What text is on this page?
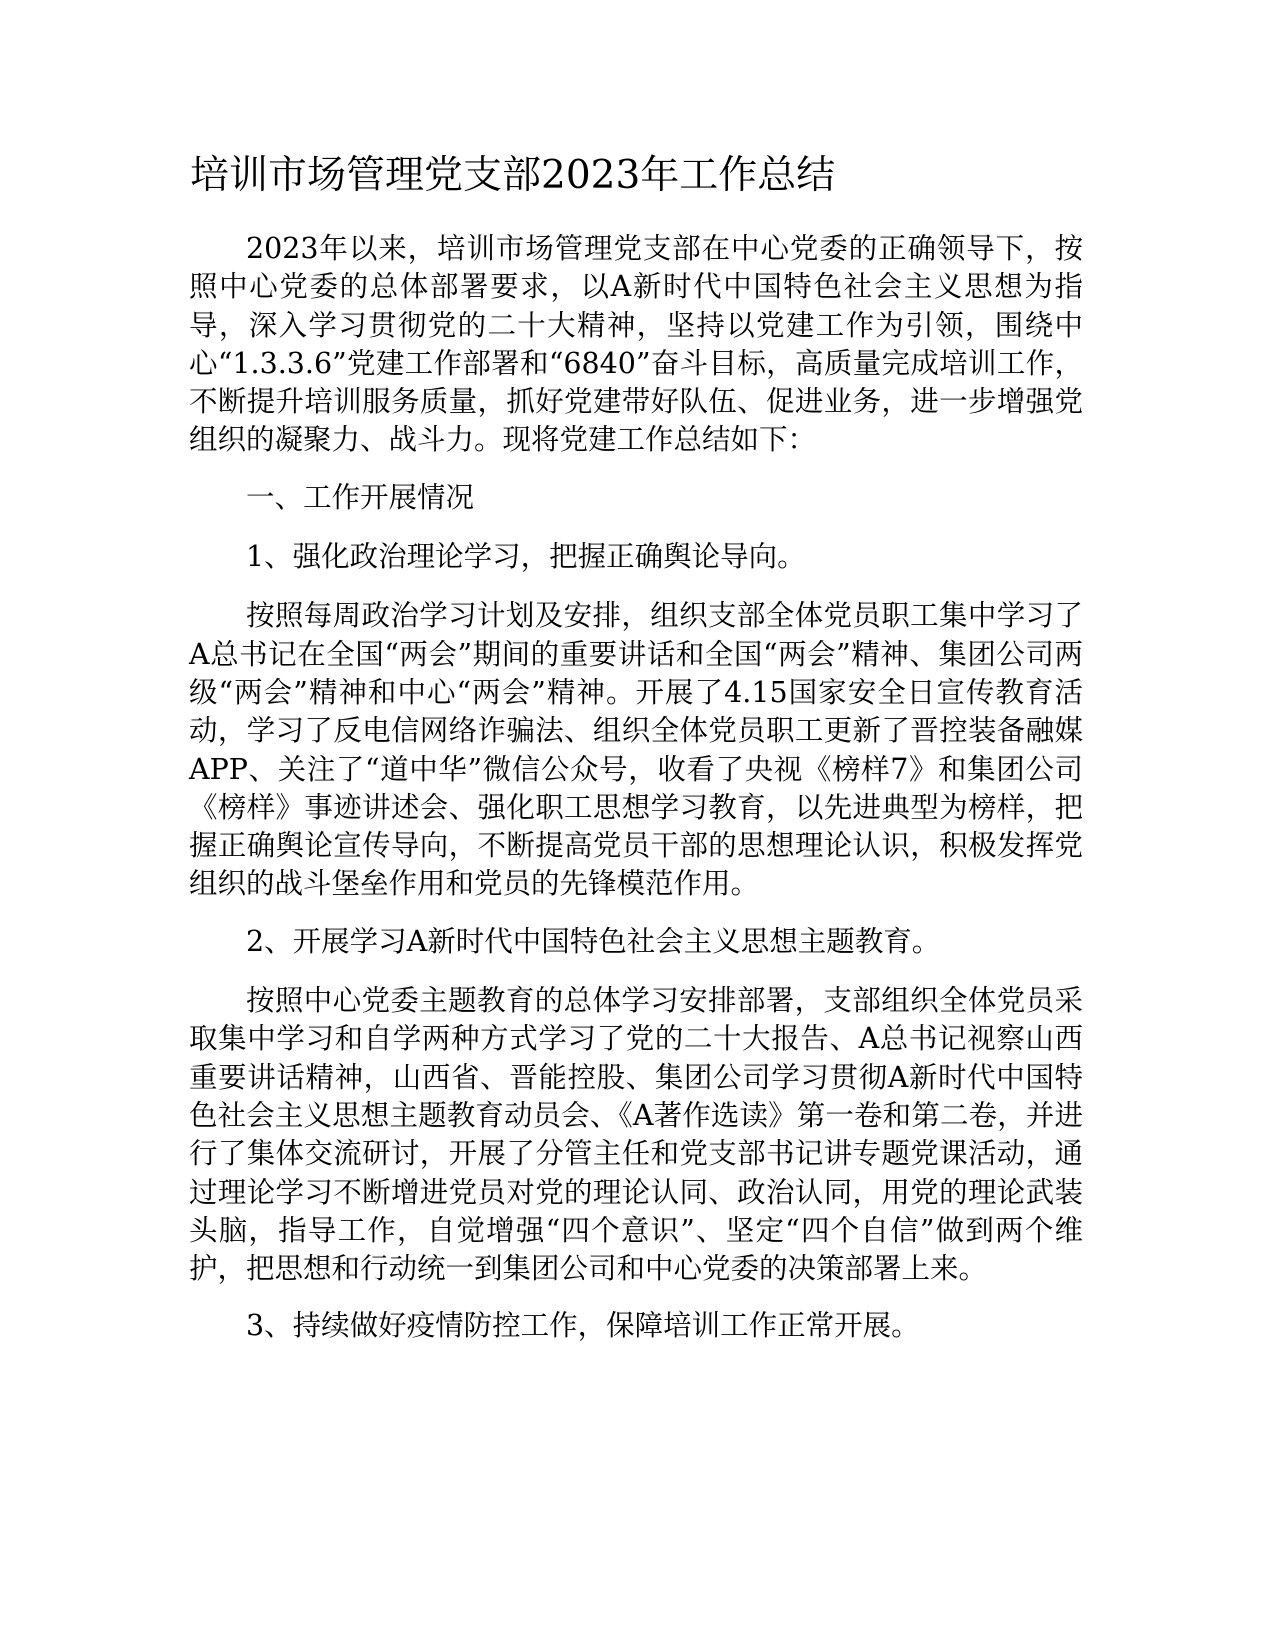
培训市场管理党支部2023年工作总结

2023年以来，培训市场管理党支部在中心党委的正确领导下，按照中心党委的总体部署要求，以A新时代中国特色社会主义思想为指导，深入学习贯彻党的二十大精神，坚持以党建工作为引领，围绕中心“1.3.3.6”党建工作部署和“6840”奋斗目标，高质量完成培训工作，不断提升培训服务质量，抓好党建带好队伍、促进业务，进一步增强党组织的凝聚力、战斗力。现将党建工作总结如下：

一、工作开展情况

1、强化政治理论学习，把握正确舆论导向。

按照每周政治学习计划及安排，组织支部全体党员职工集中学习了A总书记在全国“两会”期间的重要讲话和全国“两会”精神、集团公司两级“两会”精神和中心“两会”精神。开展了4.15国家安全日宣传教育活动，学习了反电信网络诈骗法、组织全体党员职工更新了晋控装备融媒APP、关注了“道中华”微信公众号，收看了央视《榜样7》和集团公司《榜样》事迹讲述会、强化职工思想学习教育，以先进典型为榜样，把握正确舆论宣传导向，不断提高党员干部的思想理论认识，积极发挥党组织的战斗堡垒作用和党员的先锋模范作用。

2、开展学习A新时代中国特色社会主义思想主题教育。

按照中心党委主题教育的总体学习安排部署，支部组织全体党员采取集中学习和自学两种方式学习了党的二十大报告、A总书记视察山西重要讲话精神，山西省、晋能控股、集团公司学习贯彻A新时代中国特色社会主义思想主题教育动员会、《A著作选读》第一卷和第二卷，并进行了集体交流研讨，开展了分管主任和党支部书记讲专题党课活动，通过理论学习不断增进党员对党的理论认同、政治认同，用党的理论武装头脑，指导工作，自觉增强“四个意识”、坚定“四个自信”做到两个维护，把思想和行动统一到集团公司和中心党委的决策部署上来。

3、持续做好疫情防控工作，保障培训工作正常开展。
